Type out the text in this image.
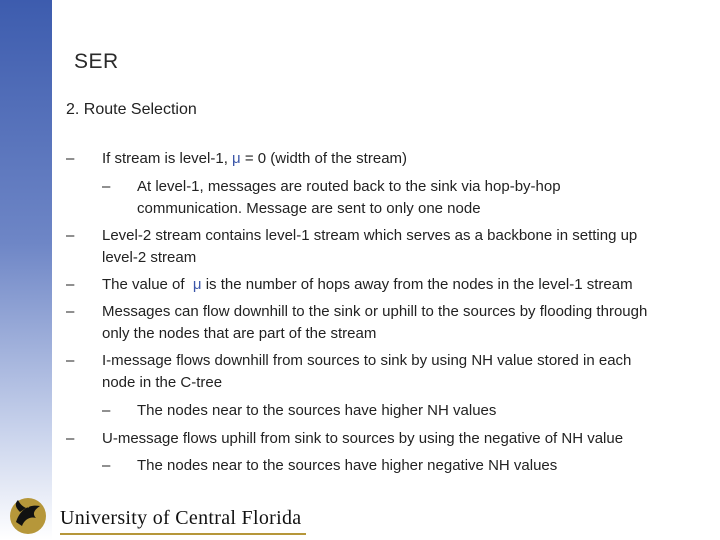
SER
2. Route Selection
– If stream is level-1, μ = 0 (width of the stream)
– At level-1, messages are routed back to the sink via hop-by-hop
communication. Message are sent to only one node
– Level-2 stream contains level-1 stream which serves as a backbone in setting up
level-2 stream
– The value of  μ is the number of hops away from the nodes in the level-1 stream
– Messages can flow downhill to the sink or uphill to the sources by flooding through
only the nodes that are part of the stream
– I-message flows downhill from sources to sink by using NH value stored in each
node in the C-tree
– The nodes near to the sources have higher NH values
– U-message flows uphill from sink to sources by using the negative of NH value
– The nodes near to the sources have higher negative NH values
University of Central Florida
